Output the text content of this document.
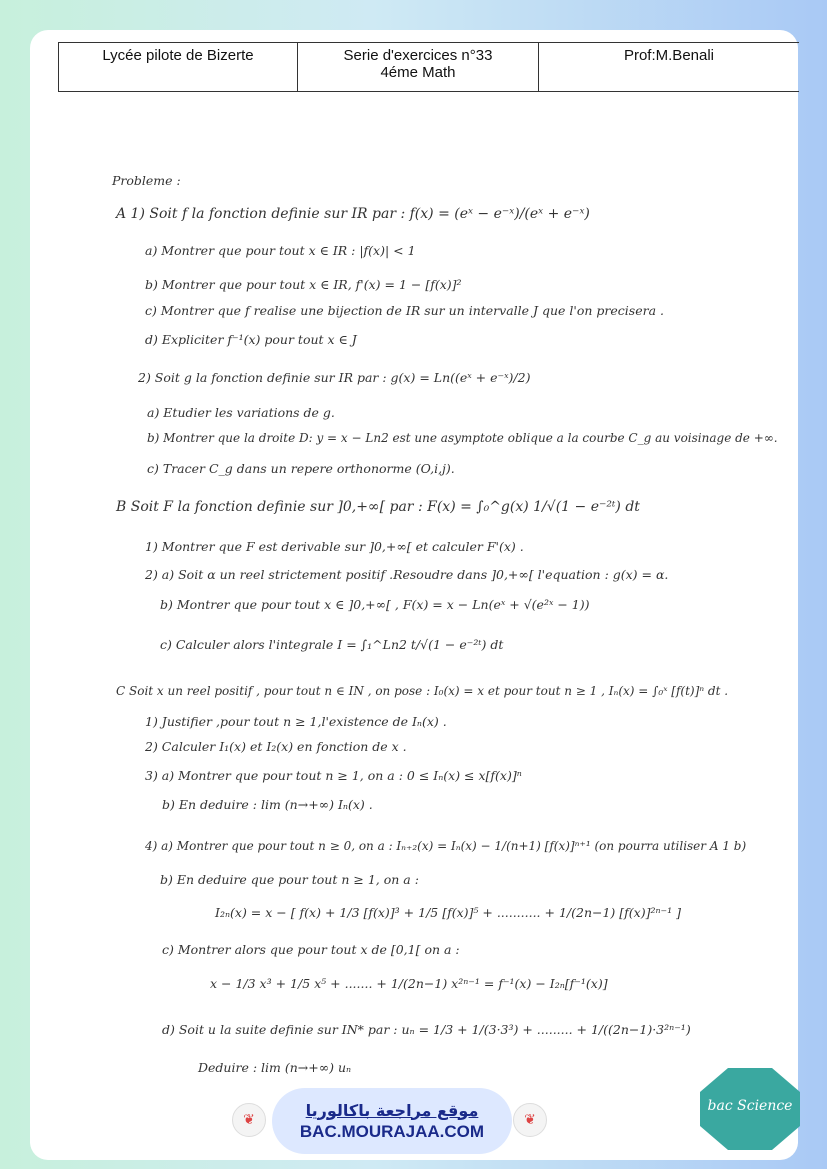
Lycée pilote de Bizerte	Serie d'exercices n°33
4éme Math
Prof:M.Benali
Probleme :
A 1) Soit f la fonction definie sur IR par : f(x) = (eˣ − e⁻ˣ)/(eˣ + e⁻ˣ)
a) Montrer que pour tout x ∈ IR : |f(x)| < 1
b) Montrer que pour tout x ∈ IR, f'(x) = 1 − [f(x)]²
c) Montrer que f realise une bijection de IR sur un intervalle J que l'on precisera .
d) Expliciter f⁻¹(x) pour tout x ∈ J
2) Soit g la fonction definie sur IR par : g(x) = Ln((eˣ + e⁻ˣ)/2)
a) Etudier les variations de g.
b) Montrer que la droite D: y = x − Ln2 est une asymptote oblique a la courbe C_g au voisinage de +∞.
c) Tracer C_g dans un repere orthonorme (O,i,j).
B Soit F la fonction definie sur ]0,+∞[ par : F(x) = ∫₀^g(x) 1/√(1 − e⁻²ᵗ) dt
1) Montrer que F est derivable sur ]0,+∞[ et calculer F'(x) .
2) a) Soit α un reel strictement positif .Resoudre dans ]0,+∞[ l'equation : g(x) = α.
b) Montrer que pour tout x ∈ ]0,+∞[ , F(x) = x − Ln(eˣ + √(e²ˣ − 1))
c) Calculer alors l'integrale I = ∫₁^Ln2 t/√(1 − e⁻²ᵗ) dt
C Soit x un reel positif , pour tout n ∈ IN , on pose : I₀(x) = x et pour tout n ≥ 1 , Iₙ(x) = ∫₀ˣ [f(t)]ⁿ dt .
1) Justifier ,pour tout n ≥ 1,l'existence de Iₙ(x) .
2) Calculer I₁(x) et I₂(x) en fonction de x .
3) a) Montrer que pour tout n ≥ 1, on a : 0 ≤ Iₙ(x) ≤ x[f(x)]ⁿ
b) En deduire : lim (n→+∞) Iₙ(x) .
4) a) Montrer que pour tout n ≥ 0, on a : Iₙ₊₂(x) = Iₙ(x) − 1/(n+1) [f(x)]ⁿ⁺¹ (on pourra utiliser A 1 b)
b) En deduire que pour tout n ≥ 1, on a :
I₂ₙ(x) = x − [ f(x) + 1/3 [f(x)]³ + 1/5 [f(x)]⁵ + ........... + 1/(2n−1) [f(x)]²ⁿ⁻¹ ]
c) Montrer alors que pour tout x de [0,1[ on a :
x − 1/3 x³ + 1/5 x⁵ + ....... + 1/(2n−1) x²ⁿ⁻¹ = f⁻¹(x) − I₂ₙ[f⁻¹(x)]
d) Soit u la suite definie sur IN* par : uₙ = 1/3 + 1/(3·3³) + ......... + 1/((2n−1)·3²ⁿ⁻¹)
Deduire : lim (n→+∞) uₙ
❦	❦
موقع مراجعة باكالوريا
BAC.MOURAJAA.COM
bac Science
